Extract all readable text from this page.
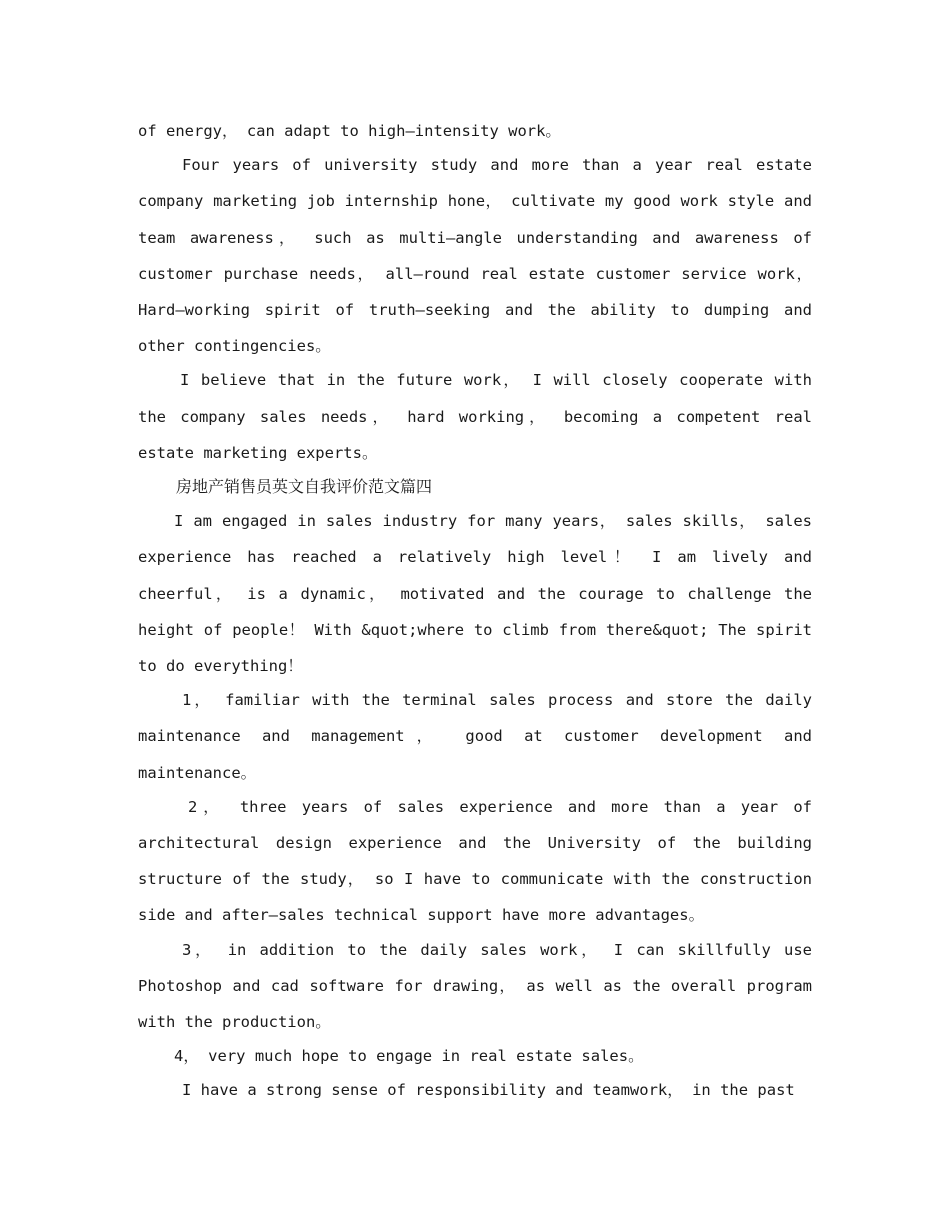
of energy， can adapt to high—intensity work。

Four years of university study and more than a year real estate company marketing job internship hone， cultivate my good work style and team awareness， such as multi—angle understanding and awareness of customer purchase needs， all—round real estate customer service work，Hard—working spirit of truth—seeking and the ability to dumping and other contingencies。

I believe that in the future work， I will closely cooperate with the company sales needs， hard working， becoming a competent real estate marketing experts。

房地产销售员英文自我评价范文篇四

I am engaged in sales industry for many years， sales skills， sales experience has reached a relatively high level！ I am lively and cheerful， is a dynamic， motivated and the courage to challenge the height of people！ With &quot;where to climb from there&quot; The spirit to do everything！

1， familiar with the terminal sales process and store the daily maintenance and management， good at customer development and maintenance。

2， three years of sales experience and more than a year of architectural design experience and the University of the building structure of the study， so I have to communicate with the construction side and after—sales technical support have more advantages。

3， in addition to the daily sales work， I can skillfully use Photoshop and cad software for drawing， as well as the overall program with the production。

4， very much hope to engage in real estate sales。

I have a strong sense of responsibility and teamwork， in the past
